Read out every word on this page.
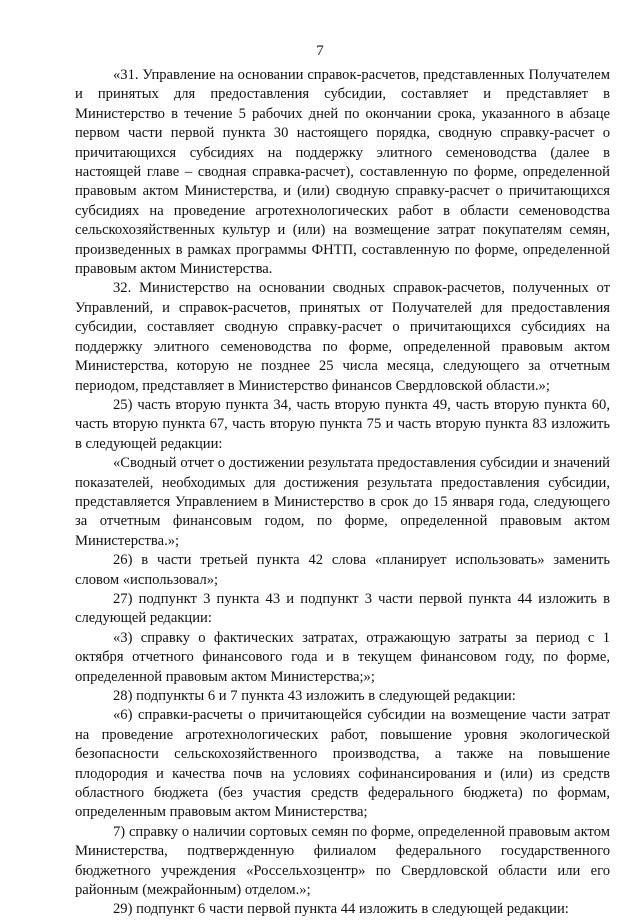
7

«31. Управление на основании справок-расчетов, представленных Получателем и принятых для предоставления субсидии, составляет и представляет в Министерство в течение 5 рабочих дней по окончании срока, указанного в абзаце первом части первой пункта 30 настоящего порядка, сводную справку-расчет о причитающихся субсидиях на поддержку элитного семеноводства (далее в настоящей главе – сводная справка-расчет), составленную по форме, определенной правовым актом Министерства, и (или) сводную справку-расчет о причитающихся субсидиях на проведение агротехнологических работ в области семеноводства сельскохозяйственных культур и (или) на возмещение затрат покупателям семян, произведенных в рамках программы ФНТП, составленную по форме, определенной правовым актом Министерства.

32. Министерство на основании сводных справок-расчетов, полученных от Управлений, и справок-расчетов, принятых от Получателей для предоставления субсидии, составляет сводную справку-расчет о причитающихся субсидиях на поддержку элитного семеноводства по форме, определенной правовым актом Министерства, которую не позднее 25 числа месяца, следующего за отчетным периодом, представляет в Министерство финансов Свердловской области.»;

25) часть вторую пункта 34, часть вторую пункта 49, часть вторую пункта 60, часть вторую пункта 67, часть вторую пункта 75 и часть вторую пункта 83 изложить в следующей редакции:

«Сводный отчет о достижении результата предоставления субсидии и значений показателей, необходимых для достижения результата предоставления субсидии, представляется Управлением в Министерство в срок до 15 января года, следующего за отчетным финансовым годом, по форме, определенной правовым актом Министерства.»;

26) в части третьей пункта 42 слова «планирует использовать» заменить словом «использовал»;

27) подпункт 3 пункта 43 и подпункт 3 части первой пункта 44 изложить в следующей редакции:

«3) справку о фактических затратах, отражающую затраты за период с 1 октября отчетного финансового года и в текущем финансовом году, по форме, определенной правовым актом Министерства;»;

28) подпункты 6 и 7 пункта 43 изложить в следующей редакции:

«6) справки-расчеты о причитающейся субсидии на возмещение части затрат на проведение агротехнологических работ, повышение уровня экологической безопасности сельскохозяйственного производства, а также на повышение плодородия и качества почв на условиях софинансирования и (или) из средств областного бюджета (без участия средств федерального бюджета) по формам, определенным правовым актом Министерства;

7) справку о наличии сортовых семян по форме, определенной правовым актом Министерства, подтвержденную филиалом федерального государственного бюджетного учреждения «Россельхозцентр» по Свердловской области или его районным (межрайонным) отделом.»;

29) подпункт 6 части первой пункта 44 изложить в следующей редакции:
